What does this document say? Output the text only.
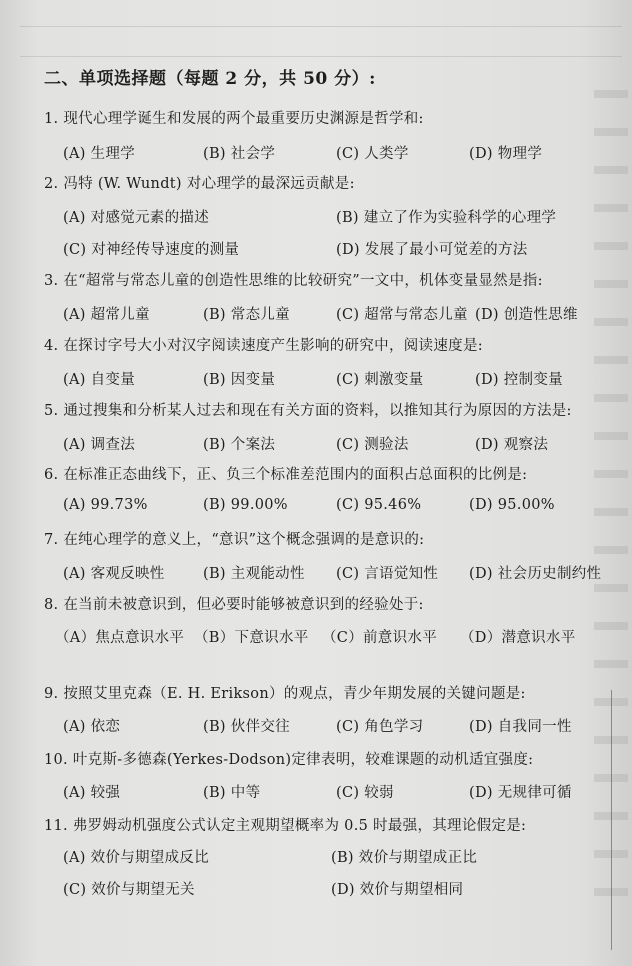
二、单项选择题（每题 2 分，共 50 分）:
1. 现代心理学诞生和发展的两个最重要历史渊源是哲学和:
(A) 生理学	(B) 社会学	(C) 人类学	(D) 物理学
2. 冯特 (W. Wundt) 对心理学的最深远贡献是:
(A) 对感觉元素的描述	(B) 建立了作为实验科学的心理学
(C) 对神经传导速度的测量	(D) 发展了最小可觉差的方法
3. 在“超常与常态儿童的创造性思维的比较研究”一文中，机体变量显然是指:
(A) 超常儿童	(B) 常态儿童	(C) 超常与常态儿童 (D) 创造性思维
4. 在探讨字号大小对汉字阅读速度产生影响的研究中，阅读速度是:
(A) 自变量	(B) 因变量	(C) 刺激变量	(D) 控制变量
5. 通过搜集和分析某人过去和现在有关方面的资料，以推知其行为原因的方法是:
(A) 调查法	(B) 个案法	(C) 测验法	(D) 观察法
6. 在标准正态曲线下，正、负三个标准差范围内的面积占总面积的比例是:
(A) 99.73%	(B) 99.00%	(C) 95.46%	(D) 95.00%
7. 在纯心理学的意义上，“意识”这个概念强调的是意识的:
(A) 客观反映性	(B) 主观能动性 (C) 言语觉知性 (D) 社会历史制约性
8. 在当前未被意识到，但必要时能够被意识到的经验处于:
（A）焦点意识水平 （B）下意识水平 （C）前意识水平 （D）潜意识水平
9. 按照艾里克森（E. H. Erikson）的观点，青少年期发展的关键问题是:
(A) 依恋	(B) 伙伴交往	(C) 角色学习	(D) 自我同一性
10. 叶克斯-多德森(Yerkes-Dodson)定律表明，较难课题的动机适宜强度:
(A) 较强	(B) 中等	(C) 较弱	(D) 无规律可循
11. 弗罗姆动机强度公式认定主观期望概率为 0.5 时最强，其理论假定是:
(A) 效价与期望成反比	(B) 效价与期望成正比
(C) 效价与期望无关	(D) 效价与期望相同
